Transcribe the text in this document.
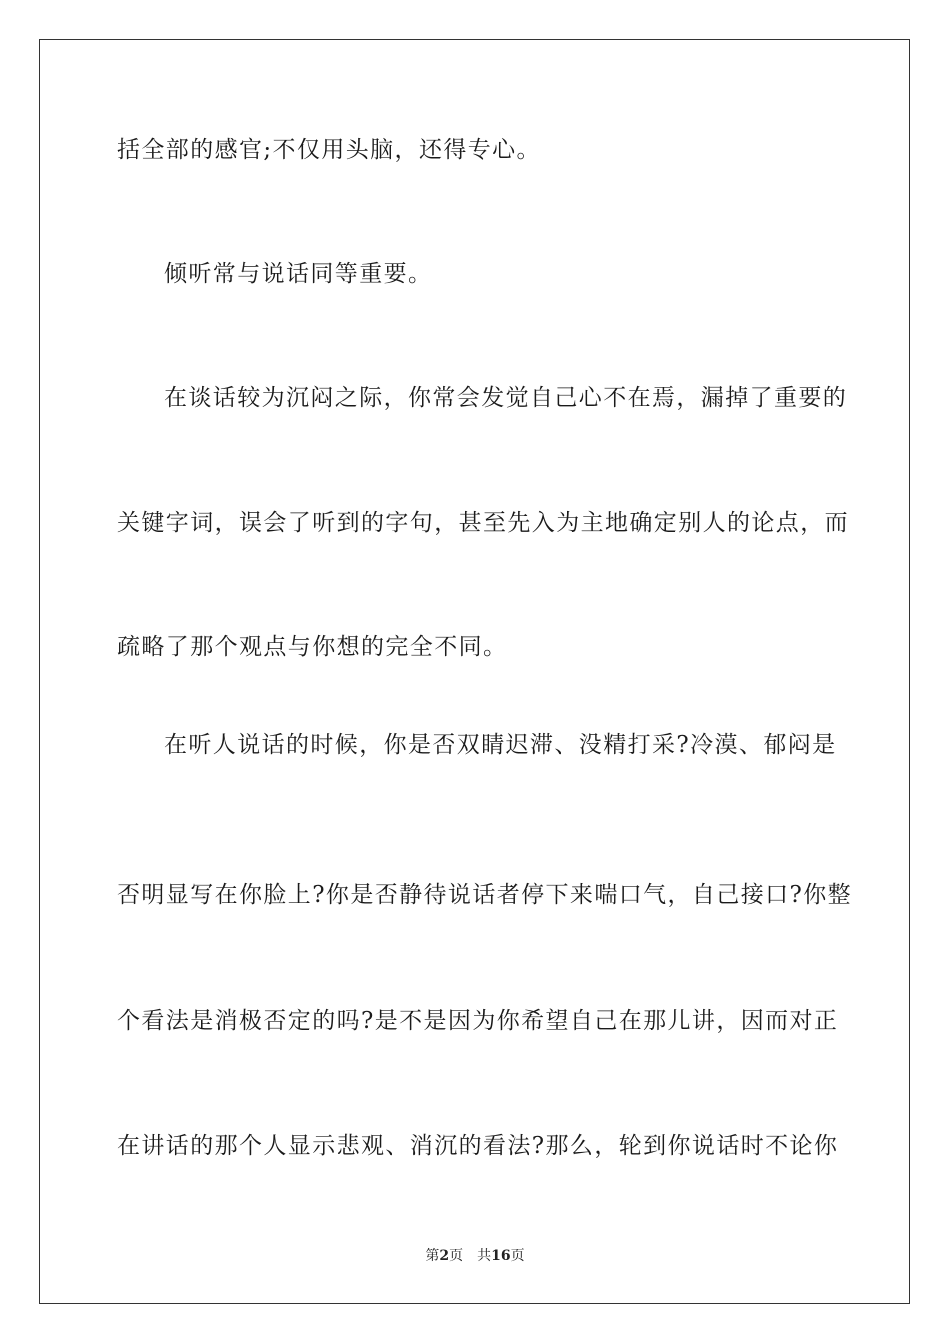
括全部的感官;不仅用头脑，还得专心。
倾听常与说话同等重要。
在谈话较为沉闷之际，你常会发觉自己心不在焉，漏掉了重要的
关键字词，误会了听到的字句，甚至先入为主地确定别人的论点，而
疏略了那个观点与你想的完全不同。
在听人说话的时候，你是否双睛迟滞、没精打采?冷漠、郁闷是
否明显写在你脸上?你是否静待说话者停下来喘口气，自己接口?你整
个看法是消极否定的吗?是不是因为你希望自己在那儿讲，因而对正
在讲话的那个人显示悲观、消沉的看法?那么，轮到你说话时不论你
第2页 共16页
